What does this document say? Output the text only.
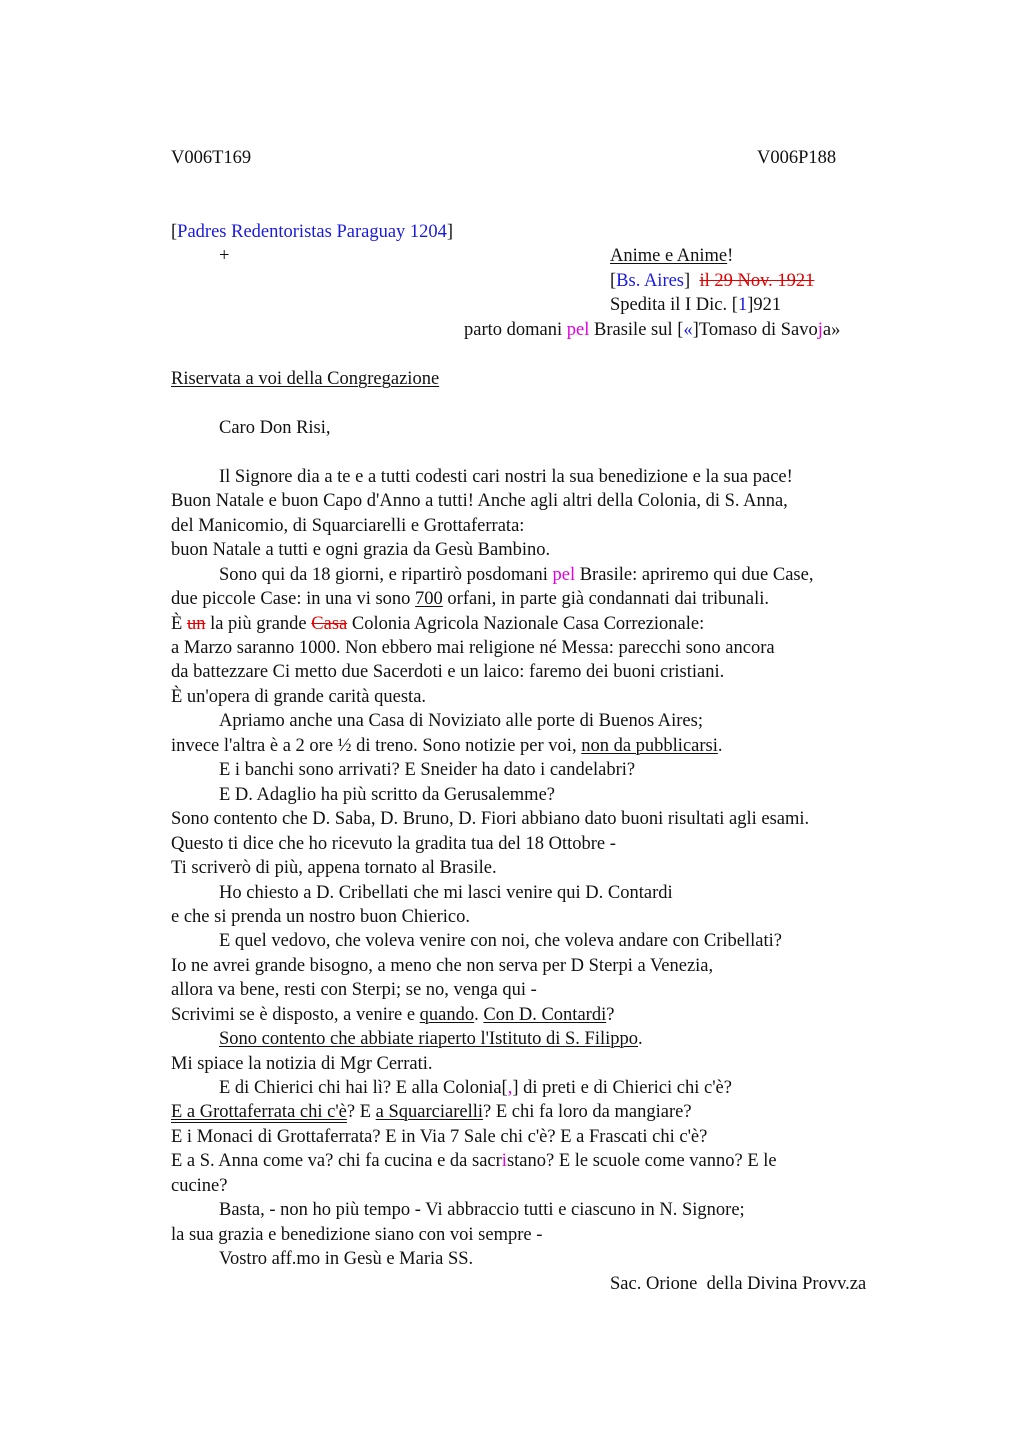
V006T169	V006P188
[Padres Redentoristas Paraguay 1204]
+	Anime e Anime!
[Bs. Aires] il 29 Nov. 1921
Spedita il I Dic. [1]921
parto domani pel Brasile sul [«]Tomaso di Savoja»
Riservata a voi della Congregazione
Caro Don Risi,
Il Signore dia a te e a tutti codesti cari nostri la sua benedizione e la sua pace!
Buon Natale e buon Capo d'Anno a tutti! Anche agli altri della Colonia, di S. Anna,
del Manicomio, di Squarciarelli e Grottaferrata:
buon Natale a tutti e ogni grazia da Gesù Bambino.
Sono qui da 18 giorni, e ripartirò posdomani pel Brasile: apriremo qui due Case,
due piccole Case: in una vi sono 700 orfani, in parte già condannati dai tribunali.
È un la più grande Casa Colonia Agricola Nazionale Casa Correzionale:
a Marzo saranno 1000. Non ebbero mai religione né Messa: parecchi sono ancora
da battezzare Ci metto due Sacerdoti e un laico: faremo dei buoni cristiani.
È un'opera di grande carità questa.
Apriamo anche una Casa di Noviziato alle porte di Buenos Aires;
invece l'altra è a 2 ore ½ di treno. Sono notizie per voi, non da pubblicarsi.
E i banchi sono arrivati? E Sneider ha dato i candelabri?
E D. Adaglio ha più scritto da Gerusalemme?
Sono contento che D. Saba, D. Bruno, D. Fiori abbiano dato buoni risultati agli esami.
Questo ti dice che ho ricevuto la gradita tua del 18 Ottobre -
Ti scriverò di più, appena tornato al Brasile.
Ho chiesto a D. Cribellati che mi lasci venire qui D. Contardi
e che si prenda un nostro buon Chierico.
E quel vedovo, che voleva venire con noi, che voleva andare con Cribellati?
Io ne avrei grande bisogno, a meno che non serva per D Sterpi a Venezia,
allora va bene, resti con Sterpi; se no, venga qui -
Scrivimi se è disposto, a venire e quando. Con D. Contardi?
Sono contento che abbiate riaperto l'Istituto di S. Filippo.
Mi spiace la notizia di Mgr Cerrati.
E di Chierici chi hai lì? E alla Colonia[,] di preti e di Chierici chi c'è?
E a Grottaferrata chi c'è? E a Squarciarelli? E chi fa loro da mangiare?
E i Monaci di Grottaferrata? E in Via 7 Sale chi c'è? E a Frascati chi c'è?
E a S. Anna come va? chi fa cucina e da sacristano? E le scuole come vanno? E le
cucine?
Basta, - non ho più tempo - Vi abbraccio tutti e ciascuno in N. Signore;
la sua grazia e benedizione siano con voi sempre -
Vostro aff.mo in Gesù e Maria SS.
Sac. Orione  della Divina Provv.za
